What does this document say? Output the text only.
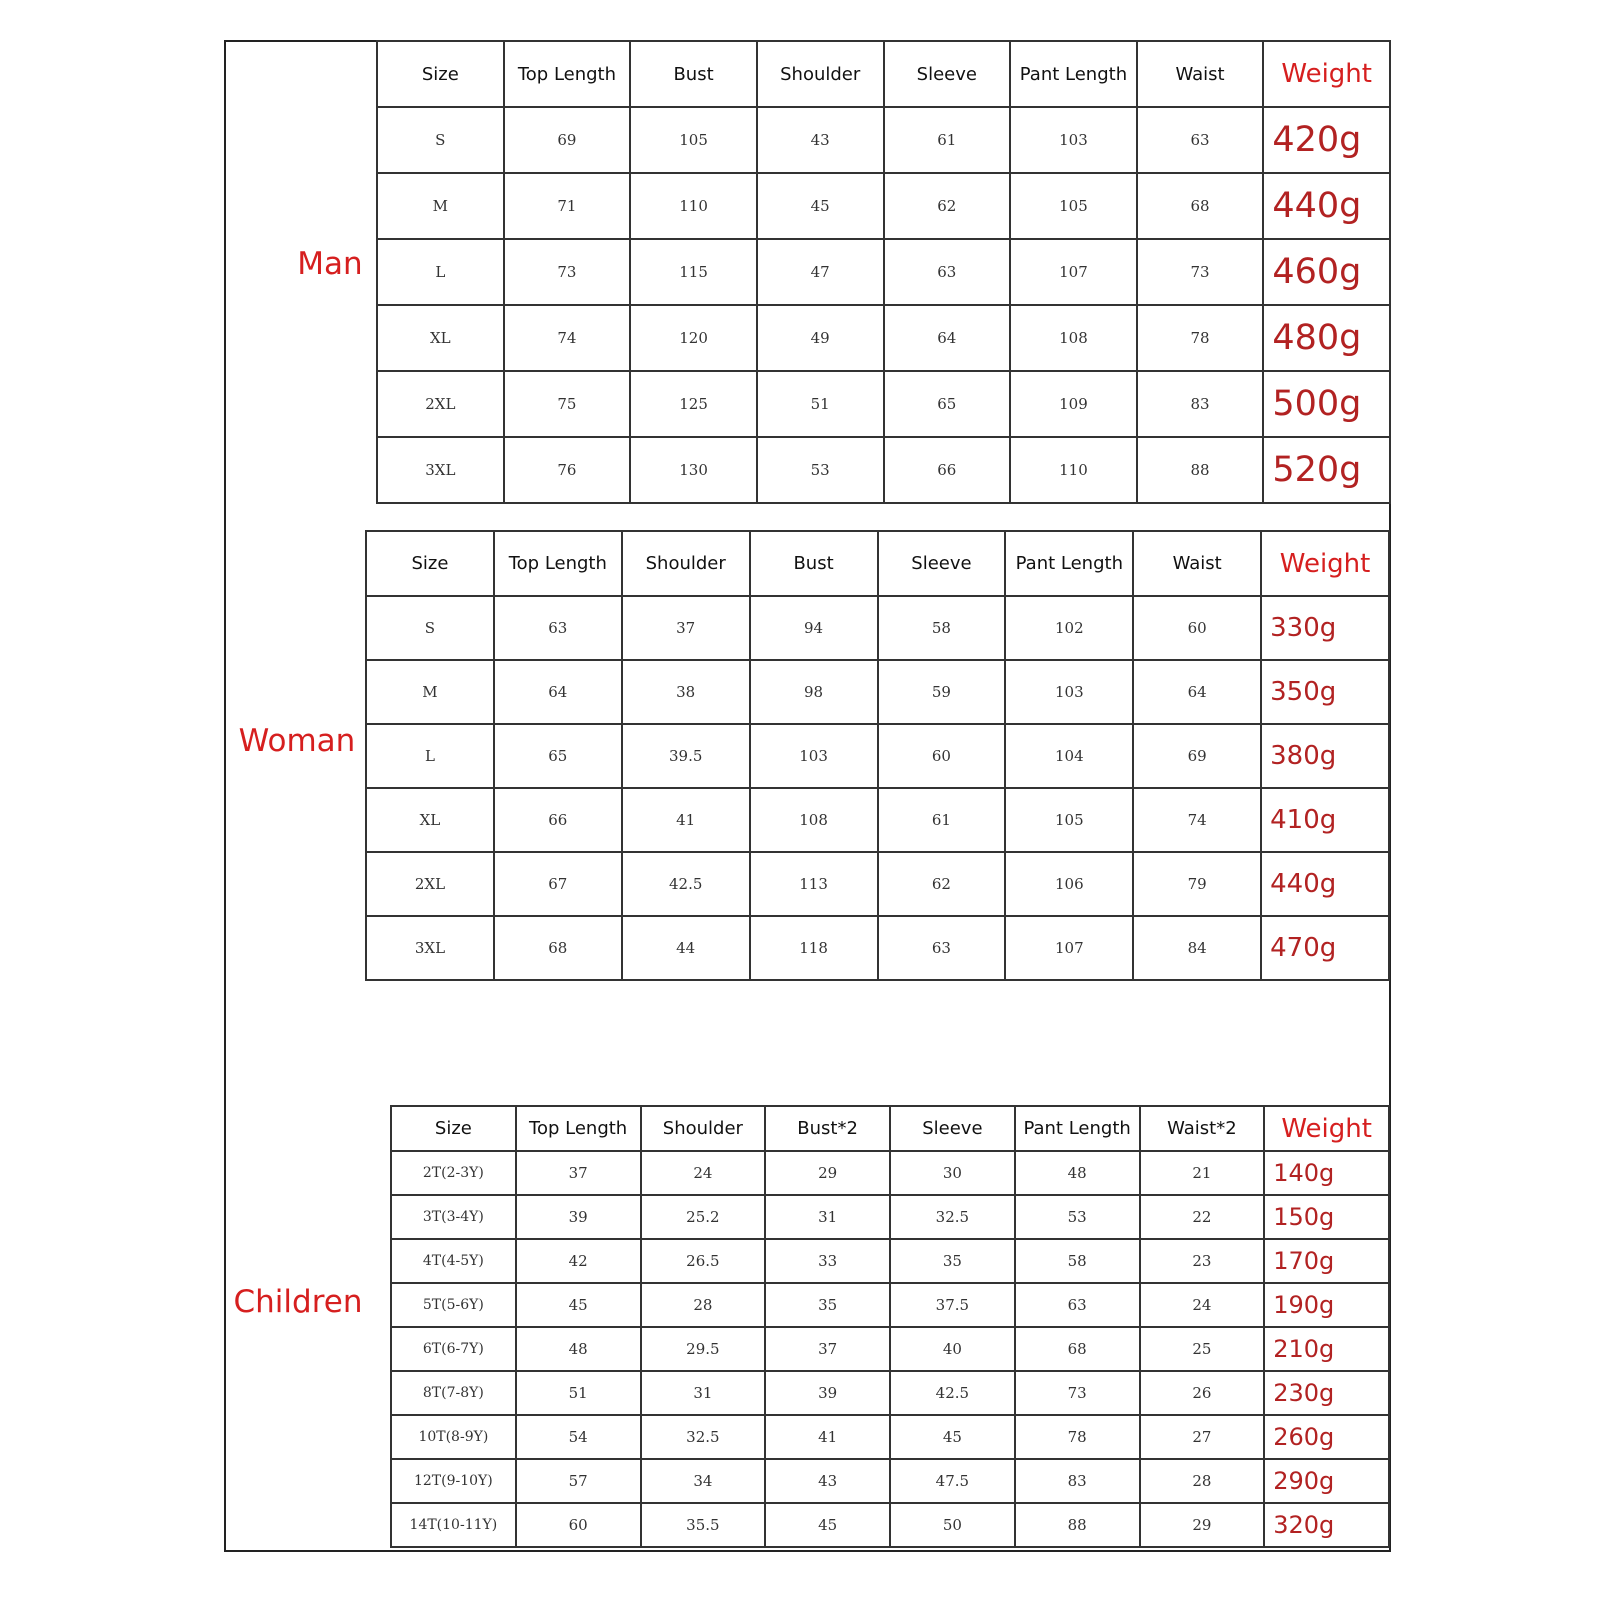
Man
Woman
Children
Size	Top Length	Bust	Shoulder	Sleeve	Pant Length	Waist	Weight
S	69	105	43	61	103	63	420g
M	71	110	45	62	105	68	440g
L	73	115	47	63	107	73	460g
XL	74	120	49	64	108	78	480g
2XL	75	125	51	65	109	83	500g
3XL	76	130	53	66	110	88	520g
Size	Top Length	Shoulder	Bust	Sleeve	Pant Length	Waist	Weight
S	63	37	94	58	102	60	330g
M	64	38	98	59	103	64	350g
L	65	39.5	103	60	104	69	380g
XL	66	41	108	61	105	74	410g
2XL	67	42.5	113	62	106	79	440g
3XL	68	44	118	63	107	84	470g
Size	Top Length	Shoulder	Bust*2	Sleeve	Pant Length	Waist*2	Weight
2T(2-3Y)	37	24	29	30	48	21	140g
3T(3-4Y)	39	25.2	31	32.5	53	22	150g
4T(4-5Y)	42	26.5	33	35	58	23	170g
5T(5-6Y)	45	28	35	37.5	63	24	190g
6T(6-7Y)	48	29.5	37	40	68	25	210g
8T(7-8Y)	51	31	39	42.5	73	26	230g
10T(8-9Y)	54	32.5	41	45	78	27	260g
12T(9-10Y)	57	34	43	47.5	83	28	290g
14T(10-11Y)	60	35.5	45	50	88	29	320g
